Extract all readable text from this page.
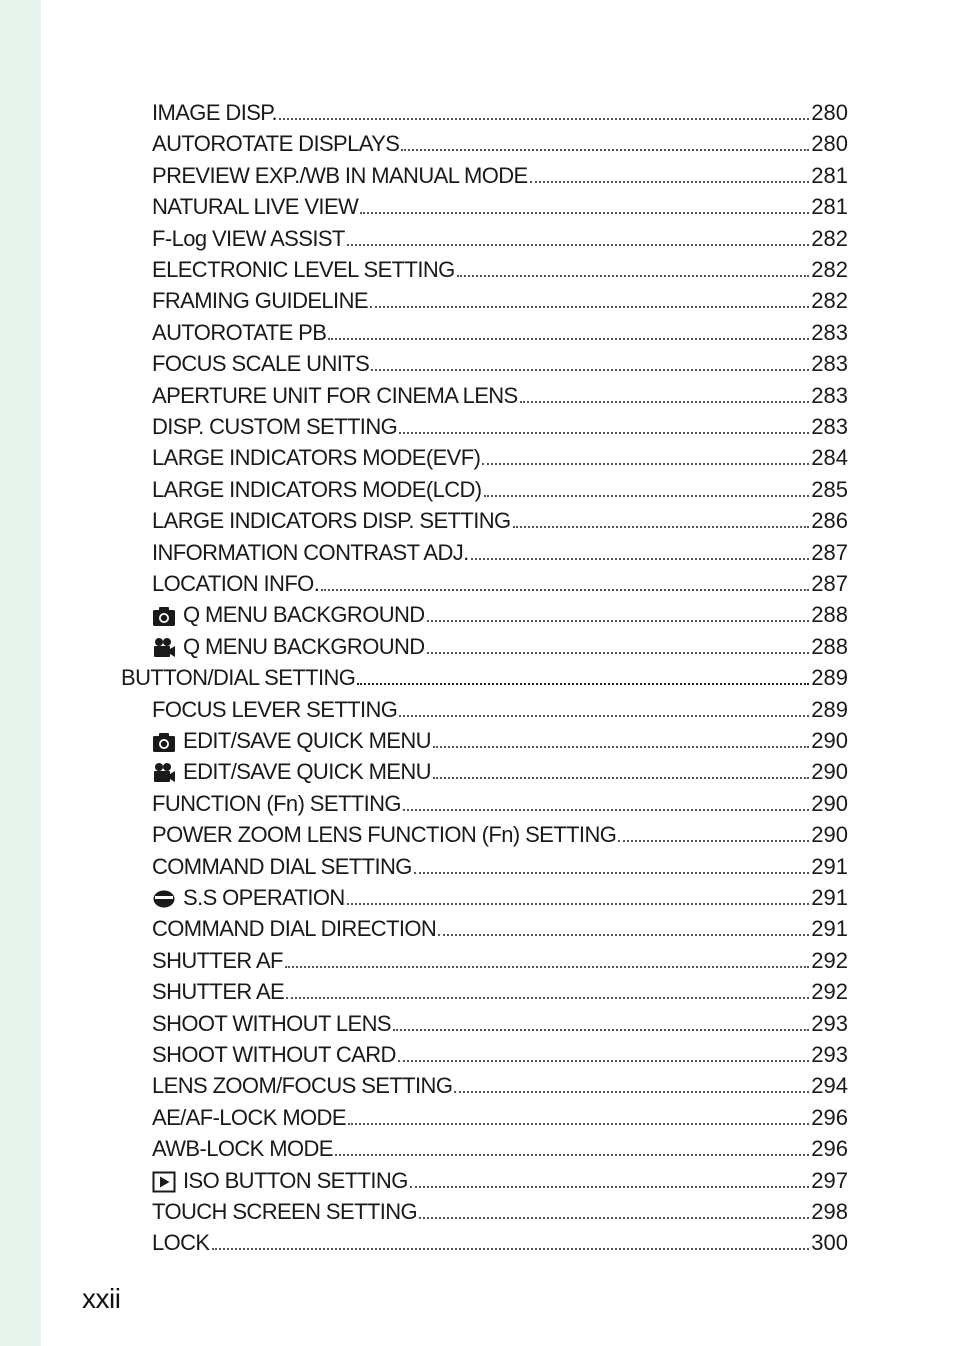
IMAGE DISP.	280
AUTOROTATE DISPLAYS	280
PREVIEW EXP./WB IN MANUAL MODE	281
NATURAL LIVE VIEW	281
F-Log VIEW ASSIST	282
ELECTRONIC LEVEL SETTING	282
FRAMING GUIDELINE	282
AUTOROTATE PB	283
FOCUS SCALE UNITS	283
APERTURE UNIT FOR CINEMA LENS	283
DISP. CUSTOM SETTING	283
LARGE INDICATORS MODE(EVF)	284
LARGE INDICATORS MODE(LCD)	285
LARGE INDICATORS DISP. SETTING	286
INFORMATION CONTRAST ADJ.	287
LOCATION INFO.	287
Q MENU BACKGROUND	288
Q MENU BACKGROUND	288
BUTTON/DIAL SETTING	289
FOCUS LEVER SETTING	289
EDIT/SAVE QUICK MENU	290
EDIT/SAVE QUICK MENU	290
FUNCTION (Fn) SETTING	290
POWER ZOOM LENS FUNCTION (Fn) SETTING	290
COMMAND DIAL SETTING	291
S.S OPERATION	291
COMMAND DIAL DIRECTION	291
SHUTTER AF	292
SHUTTER AE	292
SHOOT WITHOUT LENS	293
SHOOT WITHOUT CARD	293
LENS ZOOM/FOCUS SETTING	294
AE/AF-LOCK MODE	296
AWB-LOCK MODE	296
ISO BUTTON SETTING	297
TOUCH SCREEN SETTING	298
LOCK	300
xxii
